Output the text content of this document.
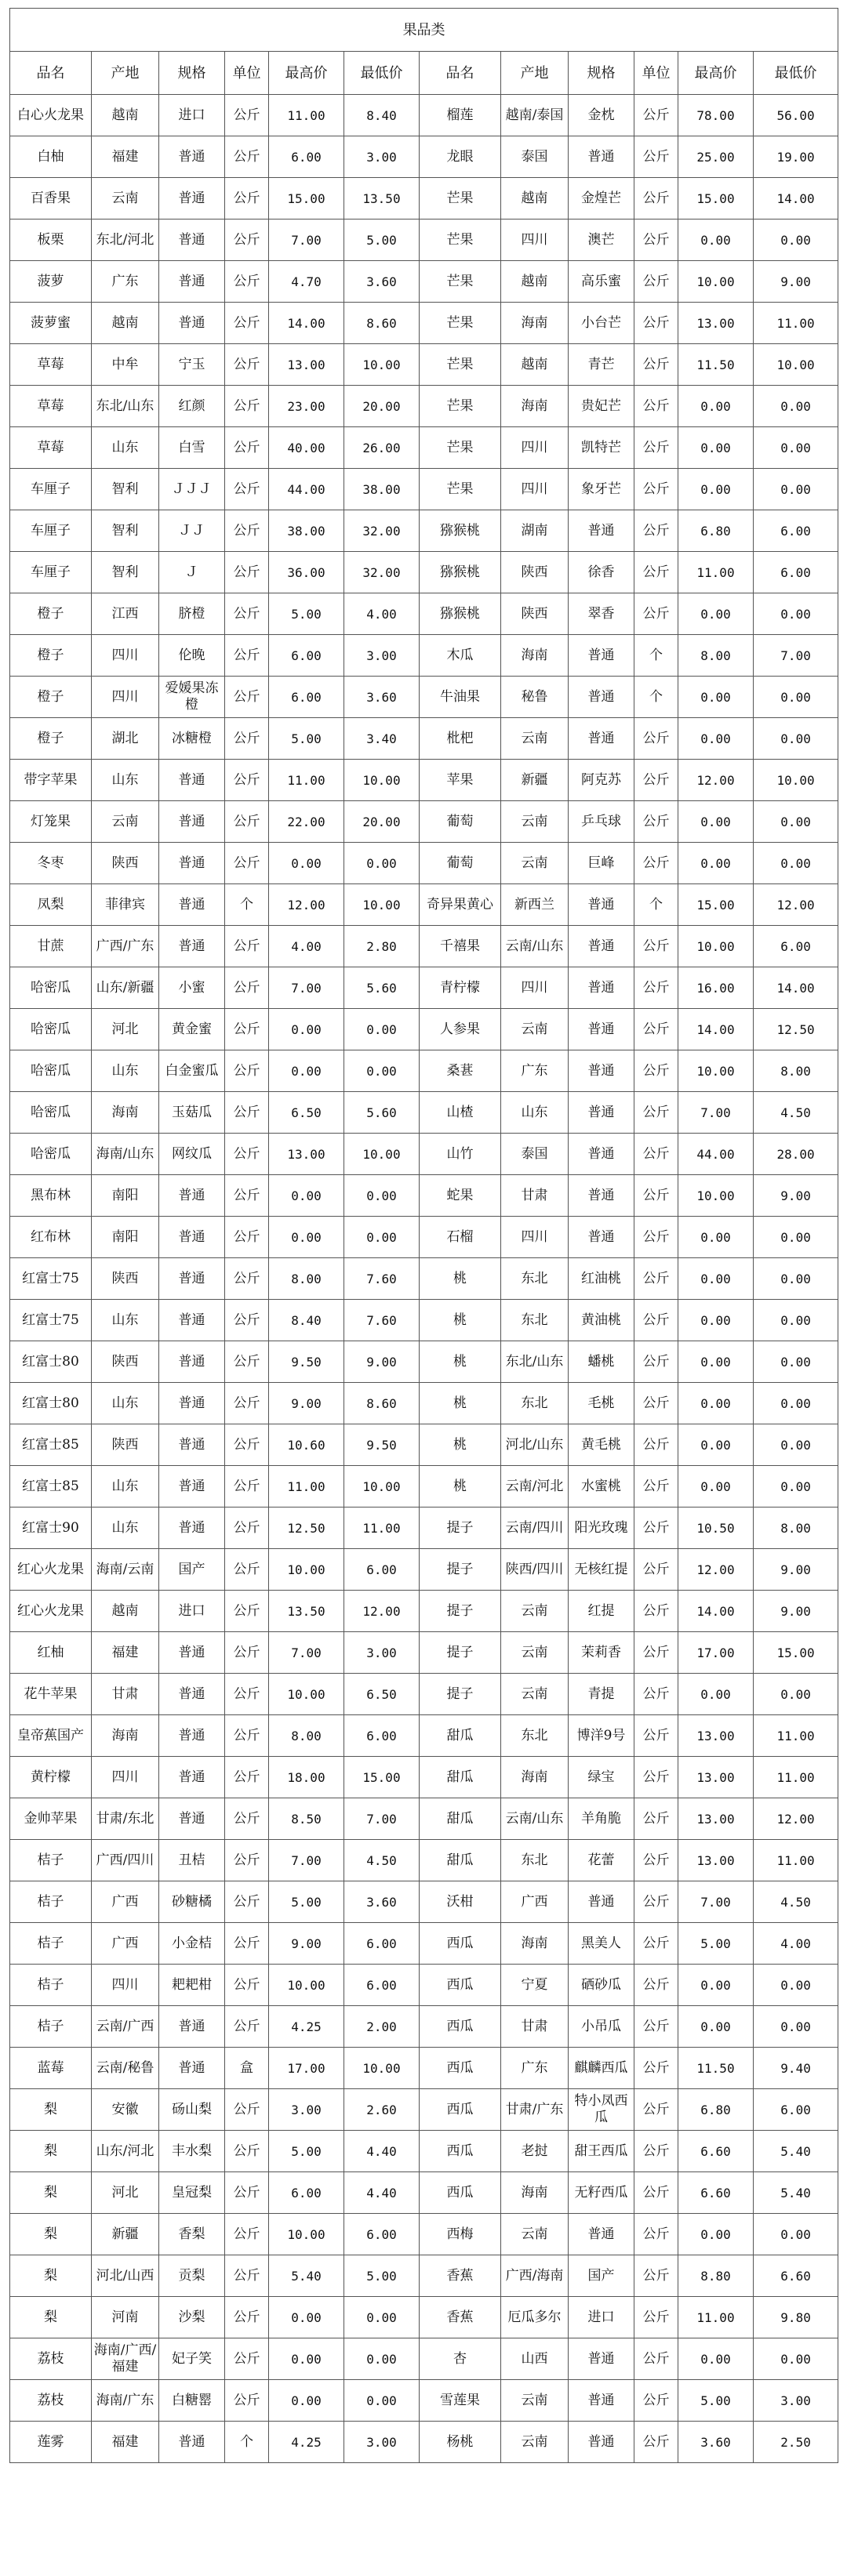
果品类											
品名	产地	规格	单位	最高价	最低价	品名	产地	规格	单位	最高价	最低价
白心火龙果	越南	进口	公斤	11.00	8.40	榴莲	越南/泰国	金枕	公斤	78.00	56.00
白柚	福建	普通	公斤	6.00	3.00	龙眼	泰国	普通	公斤	25.00	19.00
百香果	云南	普通	公斤	15.00	13.50	芒果	越南	金煌芒	公斤	15.00	14.00
板栗	东北/河北	普通	公斤	7.00	5.00	芒果	四川	澳芒	公斤	0.00	0.00
菠萝	广东	普通	公斤	4.70	3.60	芒果	越南	高乐蜜	公斤	10.00	9.00
菠萝蜜	越南	普通	公斤	14.00	8.60	芒果	海南	小台芒	公斤	13.00	11.00
草莓	中牟	宁玉	公斤	13.00	10.00	芒果	越南	青芒	公斤	11.50	10.00
草莓	东北/山东	红颜	公斤	23.00	20.00	芒果	海南	贵妃芒	公斤	0.00	0.00
草莓	山东	白雪	公斤	40.00	26.00	芒果	四川	凯特芒	公斤	0.00	0.00
车厘子	智利	ＪＪＪ	公斤	44.00	38.00	芒果	四川	象牙芒	公斤	0.00	0.00
车厘子	智利	ＪＪ	公斤	38.00	32.00	猕猴桃	湖南	普通	公斤	6.80	6.00
车厘子	智利	Ｊ	公斤	36.00	32.00	猕猴桃	陕西	徐香	公斤	11.00	6.00
橙子	江西	脐橙	公斤	5.00	4.00	猕猴桃	陕西	翠香	公斤	0.00	0.00
橙子	四川	伦晚	公斤	6.00	3.00	木瓜	海南	普通	个	8.00	7.00
橙子	四川	爱媛果冻橙	公斤	6.00	3.60	牛油果	秘鲁	普通	个	0.00	0.00
橙子	湖北	冰糖橙	公斤	5.00	3.40	枇杷	云南	普通	公斤	0.00	0.00
带字苹果	山东	普通	公斤	11.00	10.00	苹果	新疆	阿克苏	公斤	12.00	10.00
灯笼果	云南	普通	公斤	22.00	20.00	葡萄	云南	乒乓球	公斤	0.00	0.00
冬枣	陕西	普通	公斤	0.00	0.00	葡萄	云南	巨峰	公斤	0.00	0.00
凤梨	菲律宾	普通	个	12.00	10.00	奇异果黄心	新西兰	普通	个	15.00	12.00
甘蔗	广西/广东	普通	公斤	4.00	2.80	千禧果	云南/山东	普通	公斤	10.00	6.00
哈密瓜	山东/新疆	小蜜	公斤	7.00	5.60	青柠檬	四川	普通	公斤	16.00	14.00
哈密瓜	河北	黄金蜜	公斤	0.00	0.00	人参果	云南	普通	公斤	14.00	12.50
哈密瓜	山东	白金蜜瓜	公斤	0.00	0.00	桑葚	广东	普通	公斤	10.00	8.00
哈密瓜	海南	玉菇瓜	公斤	6.50	5.60	山楂	山东	普通	公斤	7.00	4.50
哈密瓜	海南/山东	网纹瓜	公斤	13.00	10.00	山竹	泰国	普通	公斤	44.00	28.00
黑布林	南阳	普通	公斤	0.00	0.00	蛇果	甘肃	普通	公斤	10.00	9.00
红布林	南阳	普通	公斤	0.00	0.00	石榴	四川	普通	公斤	0.00	0.00
红富士75	陕西	普通	公斤	8.00	7.60	桃	东北	红油桃	公斤	0.00	0.00
红富士75	山东	普通	公斤	8.40	7.60	桃	东北	黄油桃	公斤	0.00	0.00
红富士80	陕西	普通	公斤	9.50	9.00	桃	东北/山东	蟠桃	公斤	0.00	0.00
红富士80	山东	普通	公斤	9.00	8.60	桃	东北	毛桃	公斤	0.00	0.00
红富士85	陕西	普通	公斤	10.60	9.50	桃	河北/山东	黄毛桃	公斤	0.00	0.00
红富士85	山东	普通	公斤	11.00	10.00	桃	云南/河北	水蜜桃	公斤	0.00	0.00
红富士90	山东	普通	公斤	12.50	11.00	提子	云南/四川	阳光玫瑰	公斤	10.50	8.00
红心火龙果	海南/云南	国产	公斤	10.00	6.00	提子	陕西/四川	无核红提	公斤	12.00	9.00
红心火龙果	越南	进口	公斤	13.50	12.00	提子	云南	红提	公斤	14.00	9.00
红柚	福建	普通	公斤	7.00	3.00	提子	云南	茉莉香	公斤	17.00	15.00
花牛苹果	甘肃	普通	公斤	10.00	6.50	提子	云南	青提	公斤	0.00	0.00
皇帝蕉国产	海南	普通	公斤	8.00	6.00	甜瓜	东北	博洋9号	公斤	13.00	11.00
黄柠檬	四川	普通	公斤	18.00	15.00	甜瓜	海南	绿宝	公斤	13.00	11.00
金帅苹果	甘肃/东北	普通	公斤	8.50	7.00	甜瓜	云南/山东	羊角脆	公斤	13.00	12.00
桔子	广西/四川	丑桔	公斤	7.00	4.50	甜瓜	东北	花蕾	公斤	13.00	11.00
桔子	广西	砂糖橘	公斤	5.00	3.60	沃柑	广西	普通	公斤	7.00	4.50
桔子	广西	小金桔	公斤	9.00	6.00	西瓜	海南	黑美人	公斤	5.00	4.00
桔子	四川	耙耙柑	公斤	10.00	6.00	西瓜	宁夏	硒砂瓜	公斤	0.00	0.00
桔子	云南/广西	普通	公斤	4.25	2.00	西瓜	甘肃	小吊瓜	公斤	0.00	0.00
蓝莓	云南/秘鲁	普通	盒	17.00	10.00	西瓜	广东	麒麟西瓜	公斤	11.50	9.40
梨	安徽	砀山梨	公斤	3.00	2.60	西瓜	甘肃/广东	特小凤西瓜	公斤	6.80	6.00
梨	山东/河北	丰水梨	公斤	5.00	4.40	西瓜	老挝	甜王西瓜	公斤	6.60	5.40
梨	河北	皇冠梨	公斤	6.00	4.40	西瓜	海南	无籽西瓜	公斤	6.60	5.40
梨	新疆	香梨	公斤	10.00	6.00	西梅	云南	普通	公斤	0.00	0.00
梨	河北/山西	贡梨	公斤	5.40	5.00	香蕉	广西/海南	国产	公斤	8.80	6.60
梨	河南	沙梨	公斤	0.00	0.00	香蕉	厄瓜多尔	进口	公斤	11.00	9.80
荔枝	海南/广西/福建	妃子笑	公斤	0.00	0.00	杏	山西	普通	公斤	0.00	0.00
荔枝	海南/广东	白糖罂	公斤	0.00	0.00	雪莲果	云南	普通	公斤	5.00	3.00
莲雾	福建	普通	个	4.25	3.00	杨桃	云南	普通	公斤	3.60	2.50
